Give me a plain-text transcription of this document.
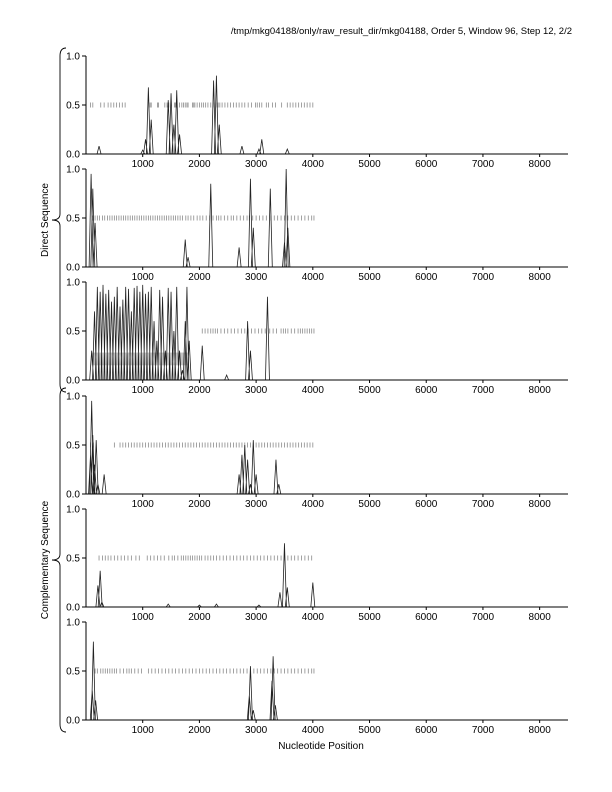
/tmp/mkg04188/only/raw_result_dir/mkg04188, Order 5, Window 96, Step 12, 2/2
0.0
0.5
1.0
1000	2000	3000	4000	5000	6000	7000	8000
0.0
0.5
1.0
1000	2000	3000	4000	5000	6000	7000	8000
0.0
0.5
1.0
1000	2000	3000	4000	5000	6000	7000	8000
0.0
0.5
1.0
1000	2000	3000	4000	5000	6000	7000	8000
0.0
0.5
1.0
1000	2000	3000	4000	5000	6000	7000	8000
0.0
0.5
1.0
1000	2000	3000	4000	5000	6000	7000	8000
Direct Sequence
Complementary Sequence
Nucleotide Position
